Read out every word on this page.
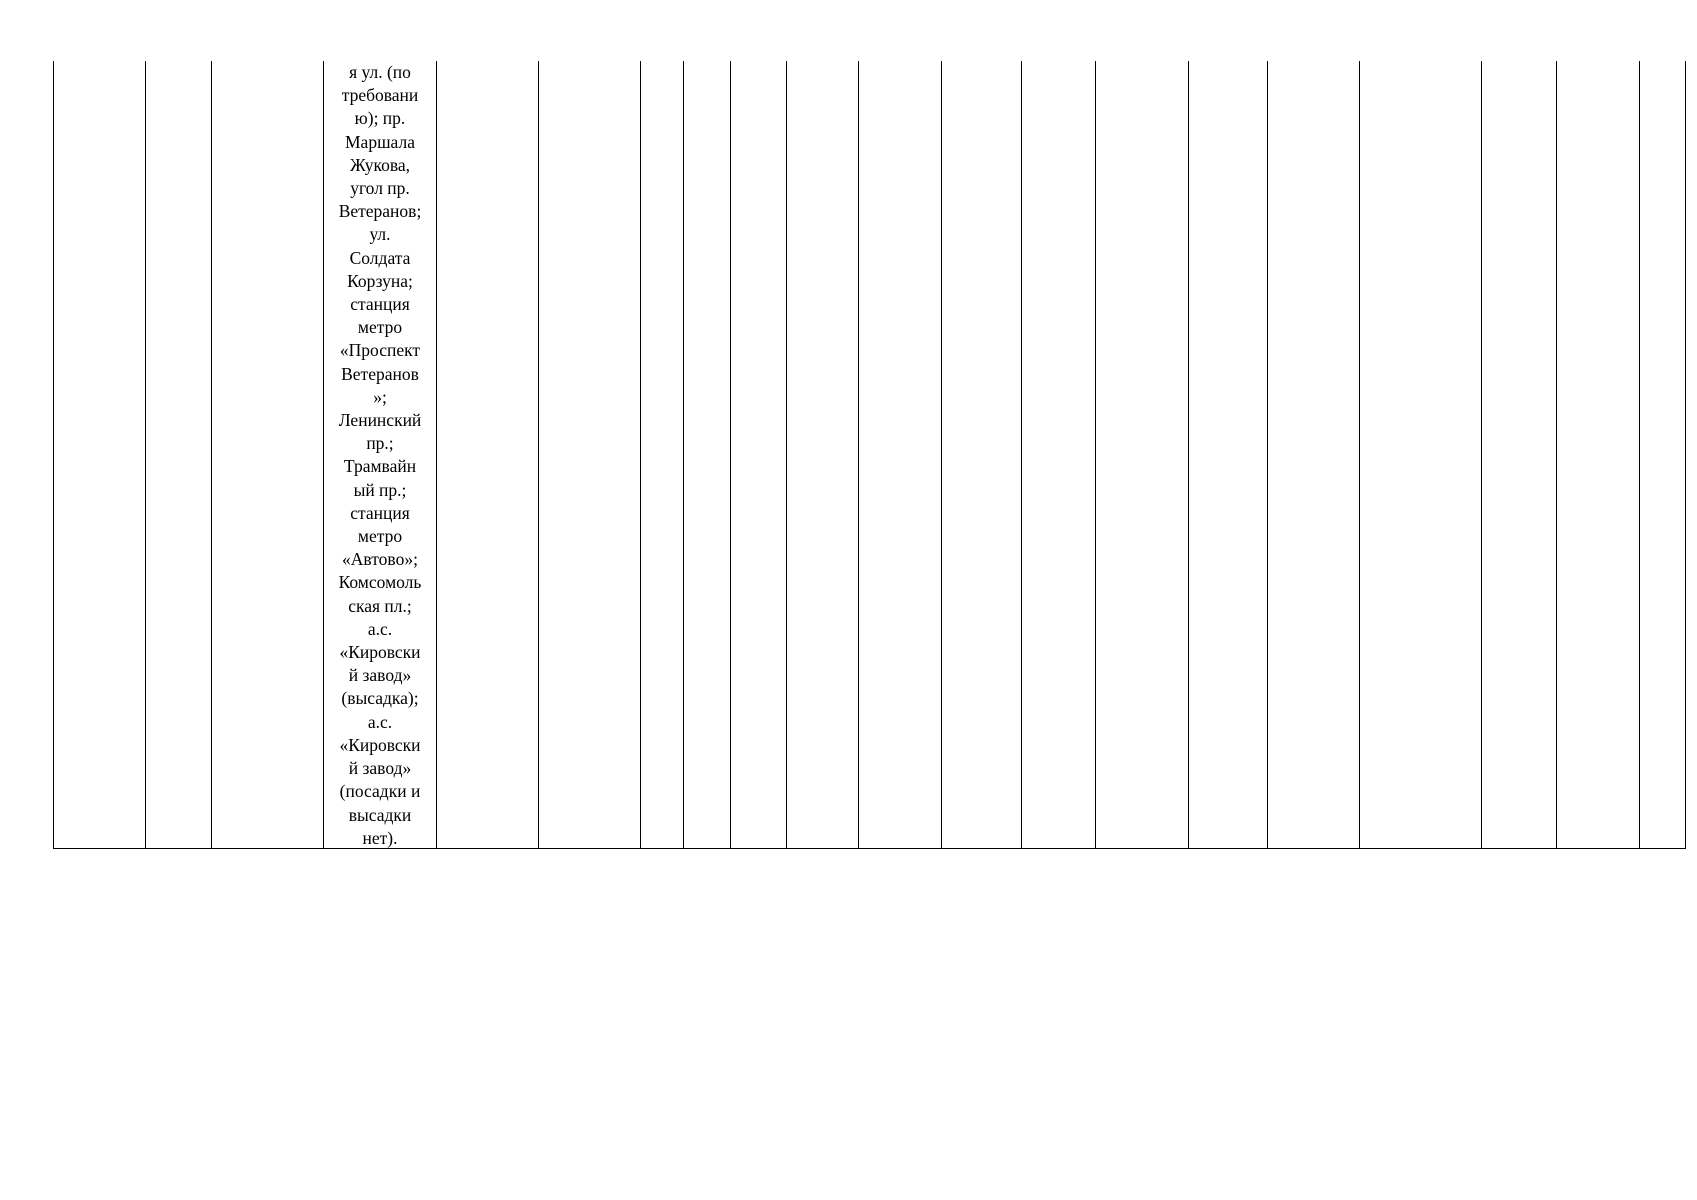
я ул. (по
требовани
ю); пр.
Маршала
Жукова,
угол пр.
Ветеранов;
ул.
Солдата
Корзуна;
станция
метро
«Проспект
Ветеранов
»;
Ленинский
пр.;
Трамвайн
ый пр.;
станция
метро
«Автово»;
Комсомоль
ская пл.;
а.с.
«Кировски
й завод»
(высадка);
а.с.
«Кировски
й завод»
(посадки и
высадки
нет).
